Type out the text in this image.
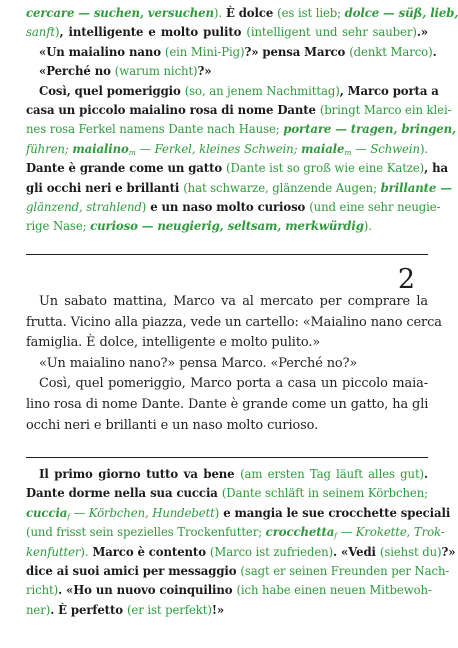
cercare — suchen, versuchen). È dolce (es ist lieb; dolce — süß, lieb,
sanft), intelligente e molto pulito (intelligent und sehr sauber).»
«Un maialino nano (ein Mini-Pig)?» pensa Marco (denkt Marco).
«Perché no (warum nicht)?»
Così, quel pomeriggio (so, an jenem Nachmittag), Marco porta a
casa un piccolo maialino rosa di nome Dante (bringt Marco ein klei-
nes rosa Ferkel namens Dante nach Hause; portare — tragen, bringen,
führen; maialino$_m$ — Ferkel, kleines Schwein; maiale$_m$ — Schwein).
Dante è grande come un gatto (Dante ist so groß wie eine Katze), ha
gli occhi neri e brillanti (hat schwarze, glänzende Augen; brillante —
glänzend, strahlend) e un naso molto curioso (und eine sehr neugie-
rige Nase; curioso — neugierig, seltsam, merkwürdig).
2
Un sabato mattina, Marco va al mercato per comprare la
frutta. Vicino alla piazza, vede un cartello: «Maialino nano cerca
famiglia. È dolce, intelligente e molto pulito.»
«Un maialino nano?» pensa Marco. «Perché no?»
Così, quel pomeriggio, Marco porta a casa un piccolo maia-
lino rosa di nome Dante. Dante è grande come un gatto, ha gli
occhi neri e brillanti e un naso molto curioso.
Il primo giorno tutto va bene (am ersten Tag läuft alles gut).
Dante dorme nella sua cuccia (Dante schläft in seinem Körbchen;
cuccia$_f$ — Körbchen, Hundebett) e mangia le sue crocchette speciali
(und frisst sein spezielles Trockenfutter; crocchetta$_f$ — Krokette, Trok-
kenfutter). Marco è contento (Marco ist zufrieden). «Vedi (siehst du)?»
dice ai suoi amici per messaggio (sagt er seinen Freunden per Nach-
richt). «Ho un nuovo coinquilino (ich habe einen neuen Mitbewoh-
ner). È perfetto (er ist perfekt)!»
